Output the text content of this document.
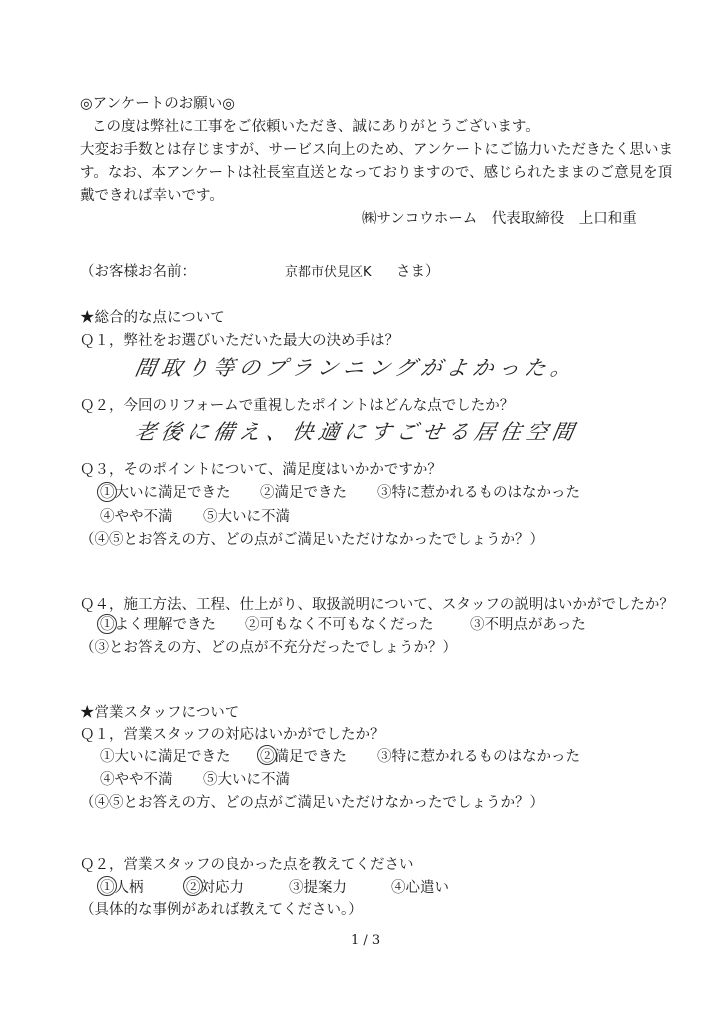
◎アンケートのお願い◎
この度は弊社に工事をご依頼いただき、誠にありがとうございます。
大変お手数とは存じますが、サービス向上のため、アンケートにご協力いただきたく思いま
す。なお、本アンケートは社長室直送となっておりますので、感じられたままのご意見を頂
戴できれば幸いです。
㈱サンコウホーム　代表取締役　上口和重
（お客様お名前：	京都市伏見区K さま）
★総合的な点について
Ｑ１，弊社をお選びいただいた最大の決め手は？
間取り等のプランニングがよかった。
Ｑ２，今回のリフォームで重視したポイントはどんな点でしたか？
老後に備え、快適にすごせる居住空間
Ｑ３，そのポイントについて、満足度はいかかですか？
①大いに満足できた ②満足できた ③特に惹かれるものはなかった
④やや不満 ⑤大いに不満
（④⑤とお答えの方、どの点がご満足いただけなかったでしょうか？）
Ｑ４，施工方法、工程、仕上がり、取扱説明について、スタッフの説明はいかがでしたか？
①よく理解できた ②可もなく不可もなくだった	③不明点があった
（③とお答えの方、どの点が不充分だったでしょうか？）
★営業スタッフについて
Ｑ１，営業スタッフの対応はいかがでしたか？
①大いに満足できた ②満足できた ③特に惹かれるものはなかった
④やや不満 ⑤大いに不満
（④⑤とお答えの方、どの点がご満足いただけなかったでしょうか？）
Ｑ２，営業スタッフの良かった点を教えてください
①人柄	②対応力	③提案力	④心遣い
（具体的な事例があれば教えてください。）
1 / 3
